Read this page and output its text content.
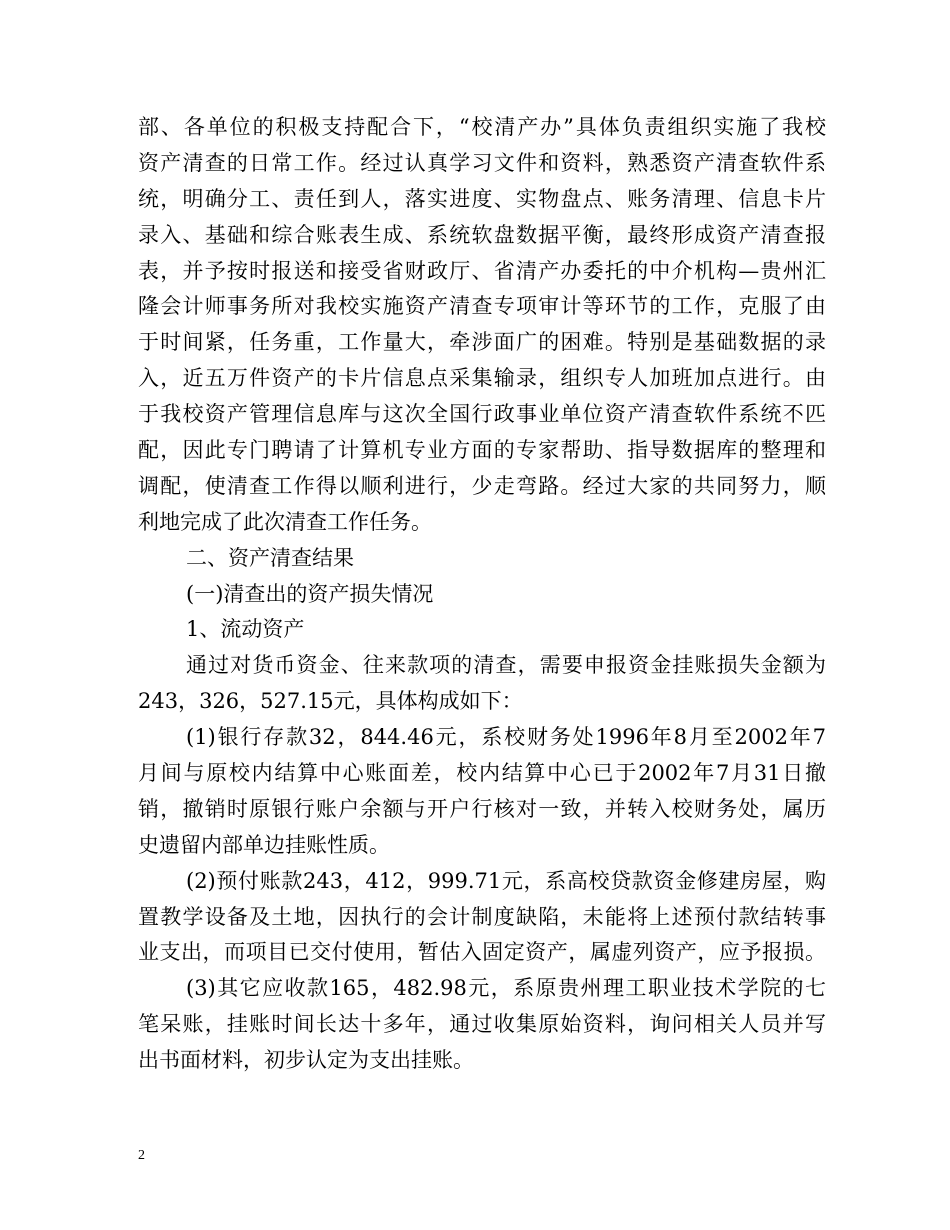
部、各单位的积极支持配合下，“校清产办”具体负责组织实施了我校
资产清查的日常工作。经过认真学习文件和资料，熟悉资产清查软件系
统，明确分工、责任到人，落实进度、实物盘点、账务清理、信息卡片
录入、基础和综合账表生成、系统软盘数据平衡，最终形成资产清查报
表，并予按时报送和接受省财政厅、省清产办委托的中介机构—贵州汇
隆会计师事务所对我校实施资产清查专项审计等环节的工作，克服了由
于时间紧，任务重，工作量大，牵涉面广的困难。特别是基础数据的录
入，近五万件资产的卡片信息点采集输录，组织专人加班加点进行。由
于我校资产管理信息库与这次全国行政事业单位资产清查软件系统不匹
配，因此专门聘请了计算机专业方面的专家帮助、指导数据库的整理和
调配，使清查工作得以顺利进行，少走弯路。经过大家的共同努力，顺
利地完成了此次清查工作任务。
二、资产清查结果
(一)清查出的资产损失情况
1、流动资产
通过对货币资金、往来款项的清查，需要申报资金挂账损失金额为
243，326，527.15元，具体构成如下：
(1)银行存款32，844.46元，系校财务处1996年8月至2002年7
月间与原校内结算中心账面差，校内结算中心已于2002年7月31日撤
销，撤销时原银行账户余额与开户行核对一致，并转入校财务处，属历
史遗留内部单边挂账性质。
(2)预付账款243，412，999.71元，系高校贷款资金修建房屋，购
置教学设备及土地，因执行的会计制度缺陷，未能将上述预付款结转事
业支出，而项目已交付使用，暂估入固定资产，属虚列资产，应予报损。
(3)其它应收款165，482.98元，系原贵州理工职业技术学院的七
笔呆账，挂账时间长达十多年，通过收集原始资料，询问相关人员并写
出书面材料，初步认定为支出挂账。
2
